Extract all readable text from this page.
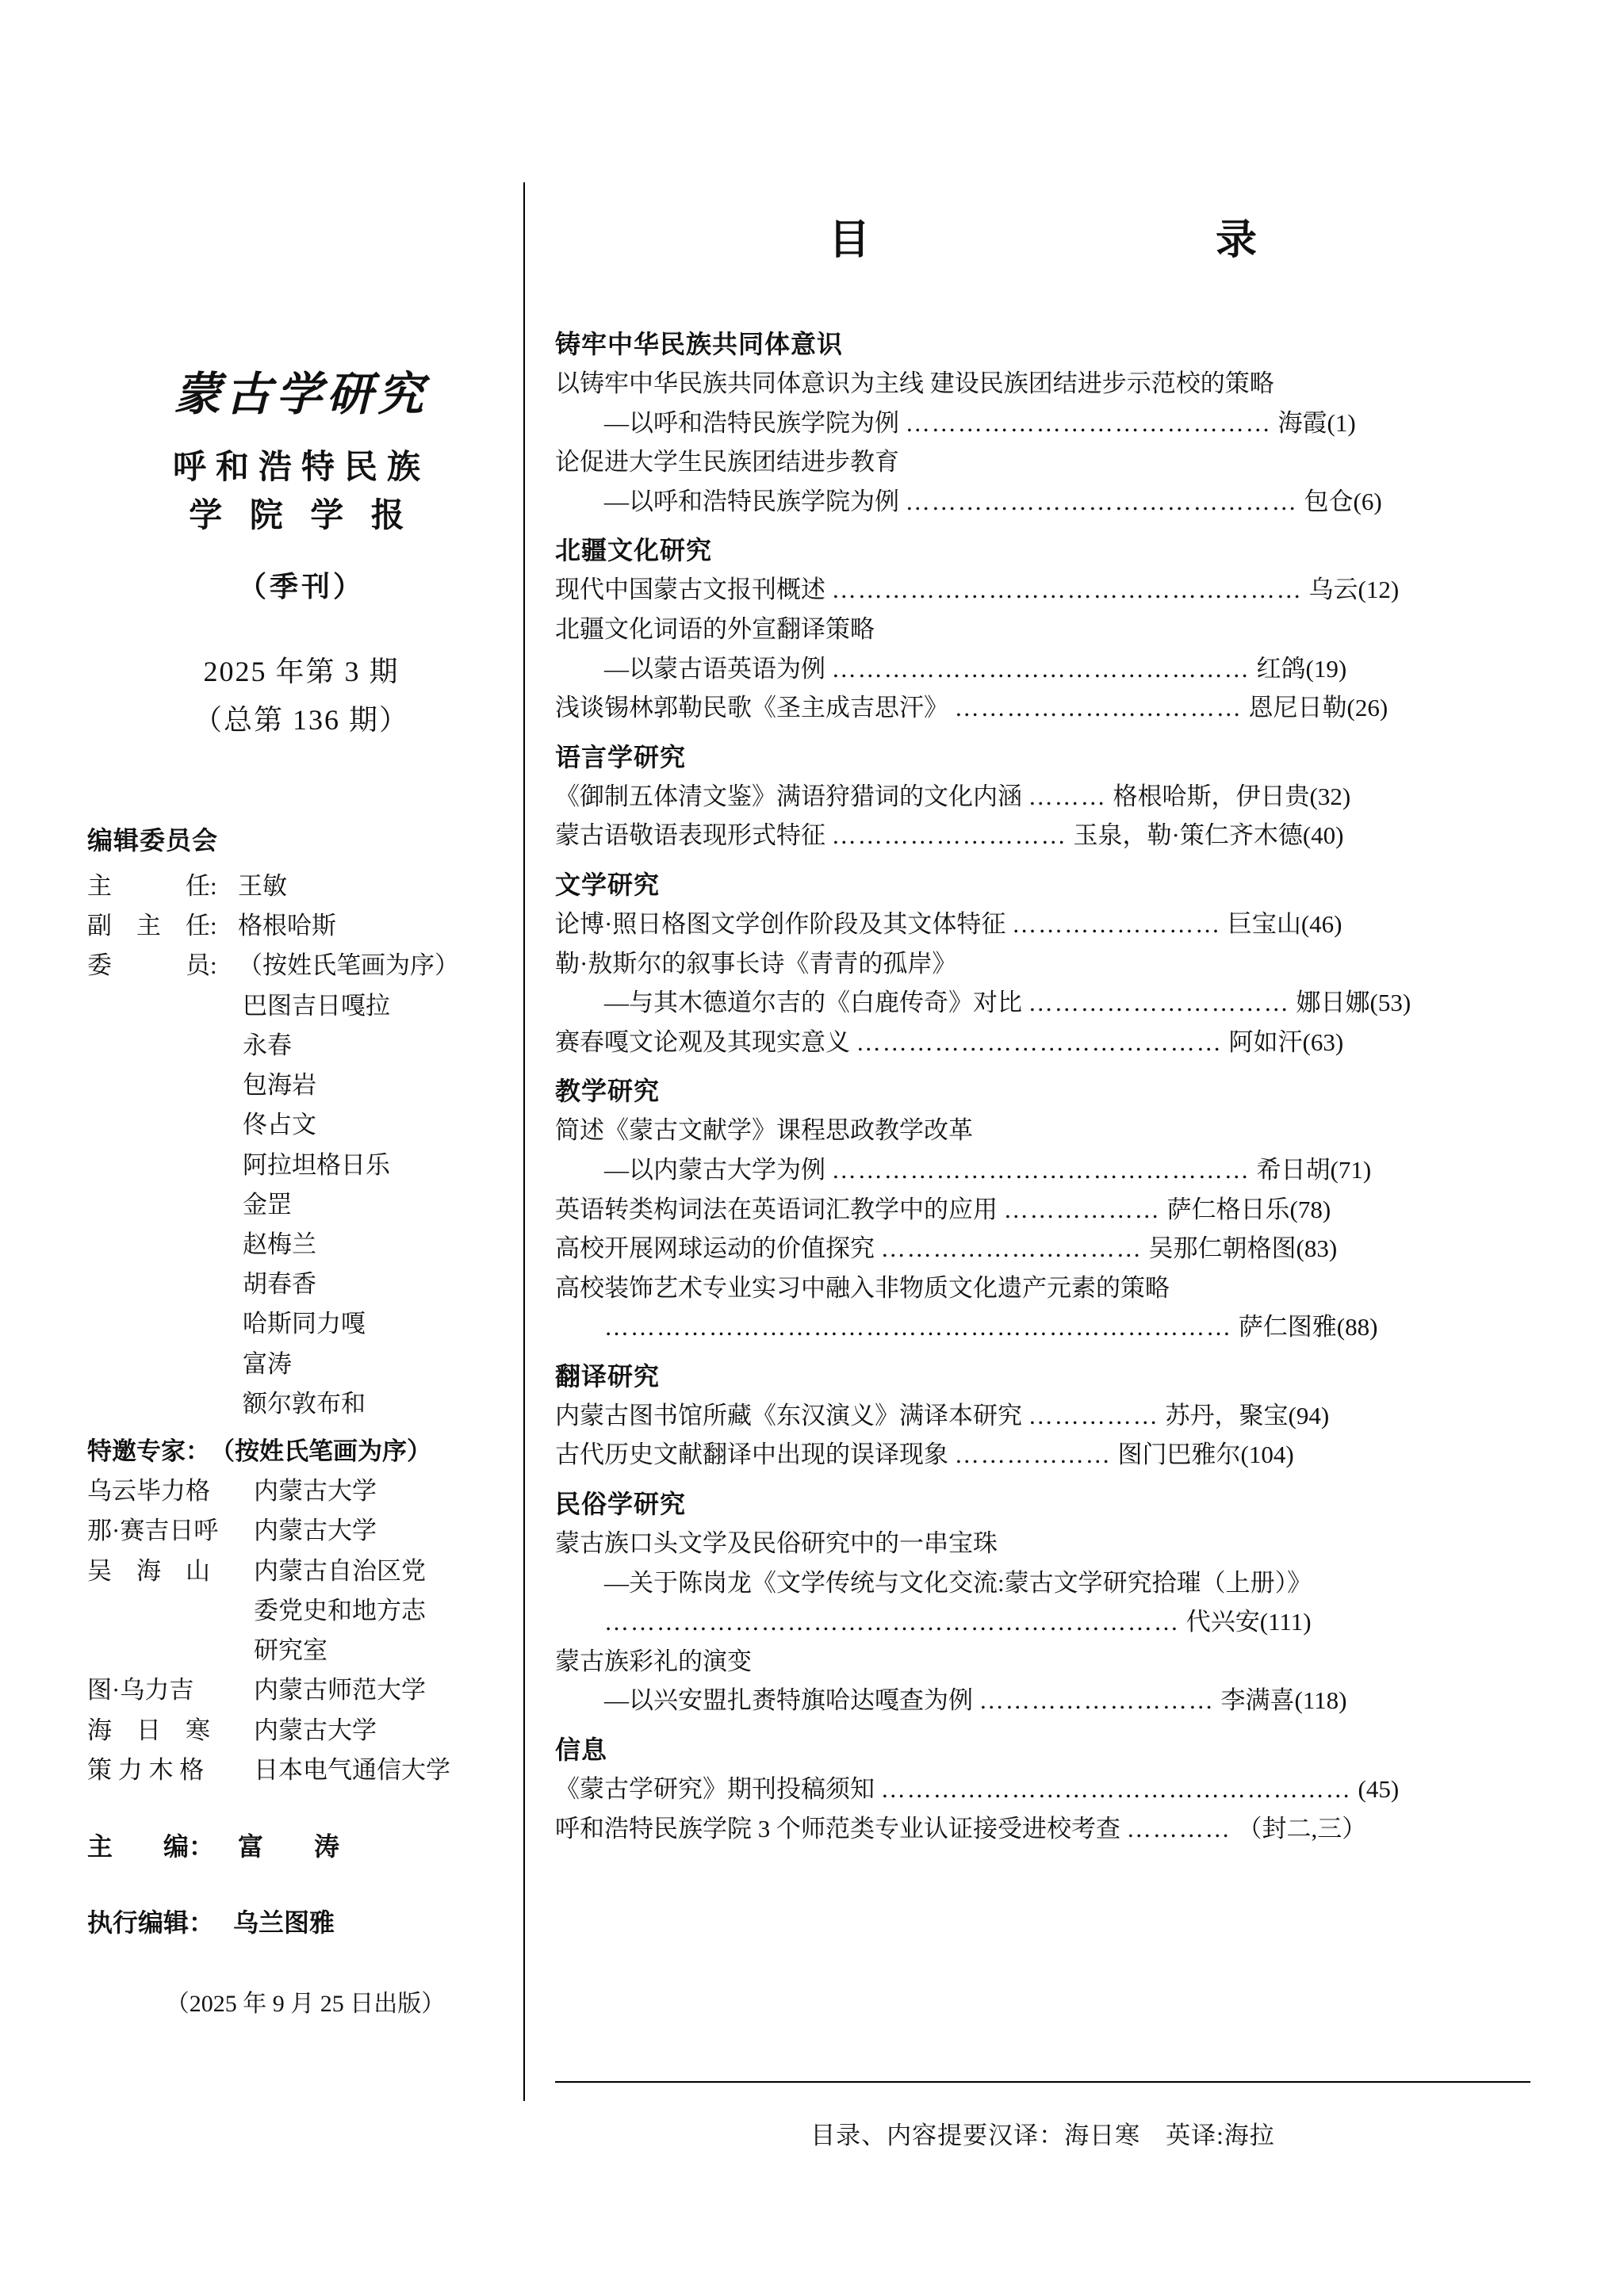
蒙古学研究
呼和浩特民族
学 院 学 报
（季刊）
2025 年第 3 期
（总第 136 期）
编辑委员会
主　　　任: 王敏
副　主　任: 格根哈斯
委　　　员: （按姓氏笔画为序）
巴图吉日嘎拉
永春
包海岩
佟占文
阿拉坦格日乐
金罡
赵梅兰
胡春香
哈斯同力嘎
富涛
额尔敦布和
特邀专家： （按姓氏笔画为序）
乌云毕力格	内蒙古大学
那·赛吉日呼	内蒙古大学
吴　海　山	内蒙古自治区党
委党史和地方志
研究室
图·乌力吉	内蒙古师范大学
海　日　寒	内蒙古大学
策 力 木 格	日本电气通信大学
主　　编： 富　　涛
执行编辑： 乌兰图雅
（2025 年 9 月 25 日出版）
目　　　录
铸牢中华民族共同体意识
以铸牢中华民族共同体意识为主线 建设民族团结进步示范校的策略
—以呼和浩特民族学院为例 …………………………………… 海霞(1)
论促进大学生民族团结进步教育
—以呼和浩特民族学院为例 ……………………………………… 包仓(6)
北疆文化研究
现代中国蒙古文报刊概述 ……………………………………………… 乌云(12)
北疆文化词语的外宣翻译策略
—以蒙古语英语为例 ………………………………………… 红鸽(19)
浅谈锡林郭勒民歌《圣主成吉思汗》 …………………………… 恩尼日勒(26)
语言学研究
《御制五体清文鉴》满语狩猎词的文化内涵 ……… 格根哈斯，伊日贵(32)
蒙古语敬语表现形式特征 ……………………… 玉泉，勒·策仁齐木德(40)
文学研究
论博·照日格图文学创作阶段及其文体特征 …………………… 巨宝山(46)
勒·敖斯尔的叙事长诗《青青的孤岸》
—与其木德道尔吉的《白鹿传奇》对比 ………………………… 娜日娜(53)
赛春嘎文论观及其现实意义 …………………………………… 阿如汗(63)
教学研究
简述《蒙古文献学》课程思政教学改革
—以内蒙古大学为例 ………………………………………… 希日胡(71)
英语转类构词法在英语词汇教学中的应用 ……………… 萨仁格日乐(78)
高校开展网球运动的价值探究 ………………………… 吴那仁朝格图(83)
高校装饰艺术专业实习中融入非物质文化遗产元素的策略
……………………………………………………………… 萨仁图雅(88)
翻译研究
内蒙古图书馆所藏《东汉演义》满译本研究 …………… 苏丹，聚宝(94)
古代历史文献翻译中出现的误译现象 ……………… 图门巴雅尔(104)
民俗学研究
蒙古族口头文学及民俗研究中的一串宝珠
—关于陈岗龙《文学传统与文化交流:蒙古文学研究拾璀（上册）》
………………………………………………………… 代兴安(111)
蒙古族彩礼的演变
—以兴安盟扎赉特旗哈达嘎查为例 ……………………… 李满喜(118)
信息
《蒙古学研究》期刊投稿须知 ……………………………………………… (45)
呼和浩特民族学院 3 个师范类专业认证接受进校考查 ………… （封二,三）
目录、内容提要汉译：海日寒　英译:海拉
